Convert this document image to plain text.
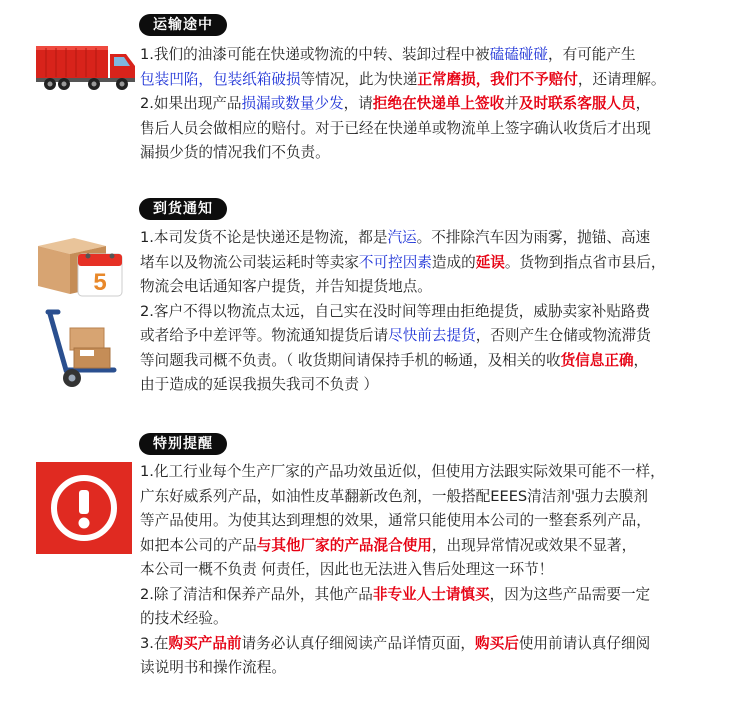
运输途中
1.我们的油漆可能在快递或物流的中转、装卸过程中被磕磕碰碰，有可能产生
包装凹陷，包装纸箱破损等情况，此为快递正常磨损，我们不予赔付，还请理解。
2.如果出现产品损漏或数量少发，请拒绝在快递单上签收并及时联系客服人员，
售后人员会做相应的赔付。对于已经在快递单或物流单上签字确认收货后才出现
漏损少货的情况我们不负责。
到货通知
5
1.本司发货不论是快递还是物流，都是汽运。不排除汽车因为雨雾，抛锚、高速
堵车以及物流公司装运耗时等卖家不可控因素造成的延误。货物到指点省市县后，
物流会电话通知客户提货，并告知提货地点。
2.客户不得以物流点太远，自己实在没时间等理由拒绝提货，威胁卖家补贴路费
或者给予中差评等。物流通知提货后请尽快前去提货，否则产生仓储或物流滞货
等问题我司概不负责。（ 收货期间请保持手机的畅通，及相关的收货信息正确，
由于造成的延误我损失我司不负责 ）
特别提醒
1.化工行业每个生产厂家的产品功效虽近似，但使用方法跟实际效果可能不一样，
广东好威系列产品，如油性皮革翻新改色剂，一般搭配EEES清洁剂'强力去膜剂
等产品使用。为使其达到理想的效果，通常只能使用本公司的一整套系列产品，
如把本公司的产品与其他厂家的产品混合使用，出现异常情况或效果不显著，
本公司一概不负责 何责任，因此也无法进入售后处理这一环节！
2.除了清洁和保养产品外，其他产品非专业人士请慎买，因为这些产品需要一定
的技术经验。
3.在购买产品前请务必认真仔细阅读产品详情页面，购买后使用前请认真仔细阅
读说明书和操作流程。
